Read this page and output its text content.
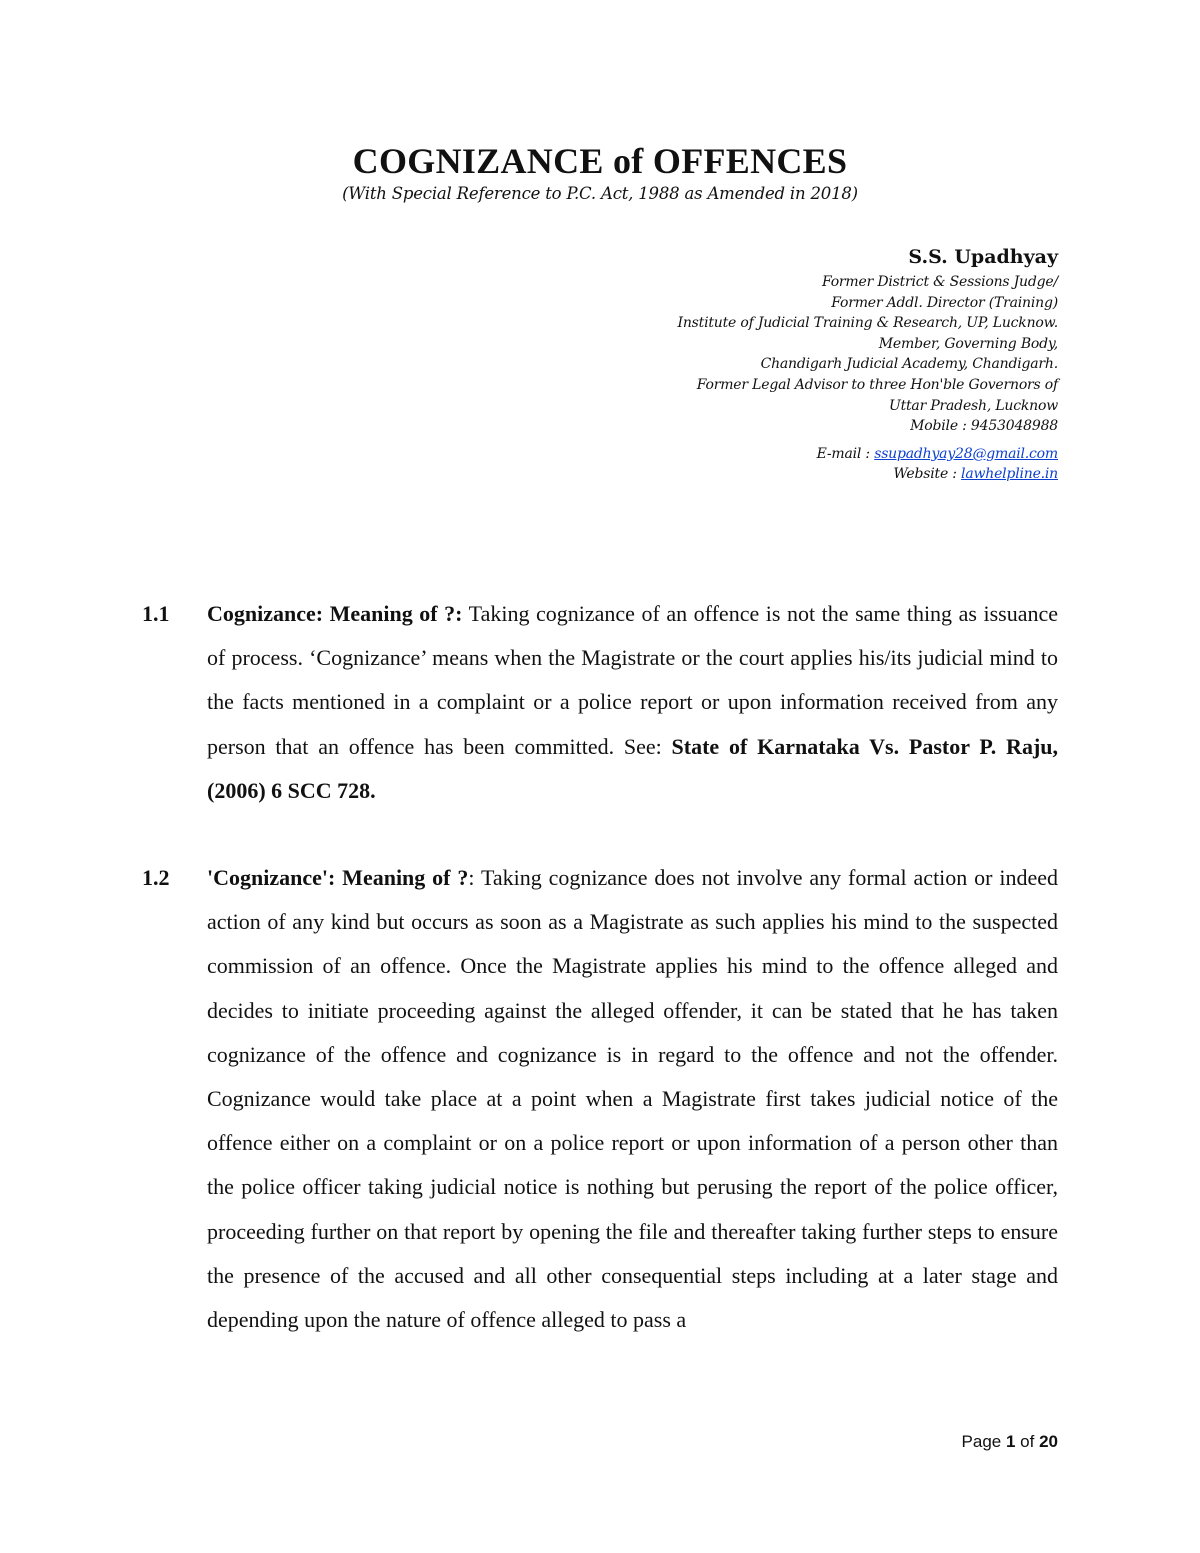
COGNIZANCE of OFFENCES

(With Special Reference to P.C. Act, 1988 as Amended in 2018)

S.S. Upadhyay

Former District & Sessions Judge/

Former Addl. Director (Training)

Institute of Judicial Training & Research, UP, Lucknow.

Member, Governing Body,

Chandigarh Judicial Academy, Chandigarh.

Former Legal Advisor to three Hon'ble Governors of

Uttar Pradesh, Lucknow

Mobile : 9453048988

E-mail : ssupadhyay28@gmail.com

Website : lawhelpline.in

1.1 Cognizance: Meaning of ?: Taking cognizance of an offence is not the same thing as issuance of process. ‘Cognizance’ means when the Magistrate or the court applies his/its judicial mind to the facts mentioned in a complaint or a police report or upon information received from any person that an offence has been committed. See: State of Karnataka Vs. Pastor P. Raju, (2006) 6 SCC 728.

1.2 'Cognizance': Meaning of ?: Taking cognizance does not involve any formal action or indeed action of any kind but occurs as soon as a Magistrate as such applies his mind to the suspected commission of an offence. Once the Magistrate applies his mind to the offence alleged and decides to initiate proceeding against the alleged offender, it can be stated that he has taken cognizance of the offence and cognizance is in regard to the offence and not the offender. Cognizance would take place at a point when a Magistrate first takes judicial notice of the offence either on a complaint or on a police report or upon information of a person other than the police officer taking judicial notice is nothing but perusing the report of the police officer, proceeding further on that report by opening the file and thereafter taking further steps to ensure the presence of the accused and all other consequential steps including at a later stage and depending upon the nature of offence alleged to pass a

Page 1 of 20
